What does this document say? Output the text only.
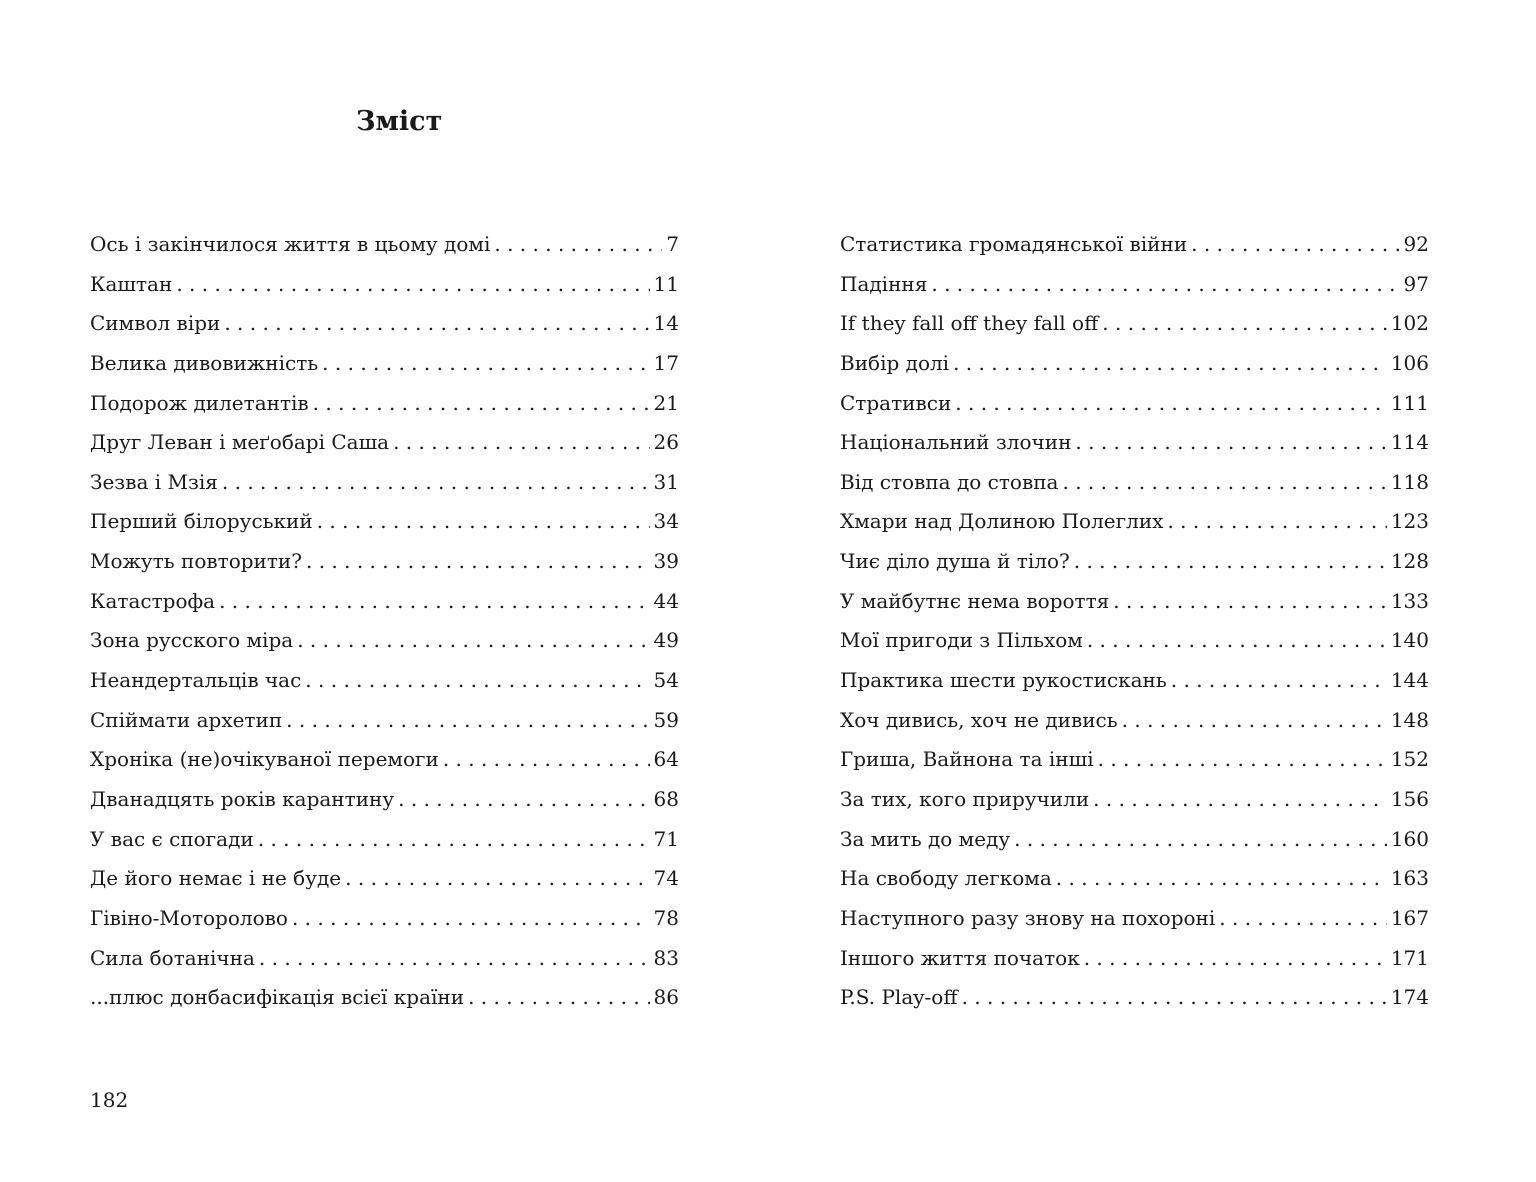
Зміст
Ось і закінчилося життя в цьому домі . . .	7
Каштан . . .	11
Символ віри . . .	14
Велика дивовижність . . .	17
Подорож дилетантів . . .	21
Друг Леван і меґобарі Саша . . .	26
Зезва і Мзія . . .	31
Перший білоруський . . .	34
Можуть повторити? . . .	39
Катастрофа . . .	44
Зона русского міра . . .	49
Неандертальців час . . .	54
Спіймати архетип . . .	59
Хроніка (не)очікуваної перемоги . . .	64
Дванадцять років карантину . . .	68
У вас є спогади . . .	71
Де його немає і не буде . . .	74
Гівіно-Моторолово . . .	78
Сила ботанічна . . .	83
...плюс донбасифікація всієї країни . . .	86
Статистика громадянської війни . . .	92
Падіння . . .	97
If they fall off they fall off . . .	102
Вибір долі . . .	106
Стративси . . .	111
Національний злочин . . .	114
Від стовпа до стовпа . . .	118
Хмари над Долиною Полеглих . . .	123
Чиє діло душа й тіло? . . .	128
У майбутнє нема вороття . . .	133
Мої пригоди з Пільхом . . .	140
Практика шести рукостискань . . .	144
Хоч дивись, хоч не дивись . . .	148
Гриша, Вайнона та інші . . .	152
За тих, кого приручили . . .	156
За мить до меду . . .	160
На свободу легкома . . .	163
Наступного разу знову на похороні . . .	167
Іншого життя початок . . .	171
P.S. Play-off . . .	174
182
